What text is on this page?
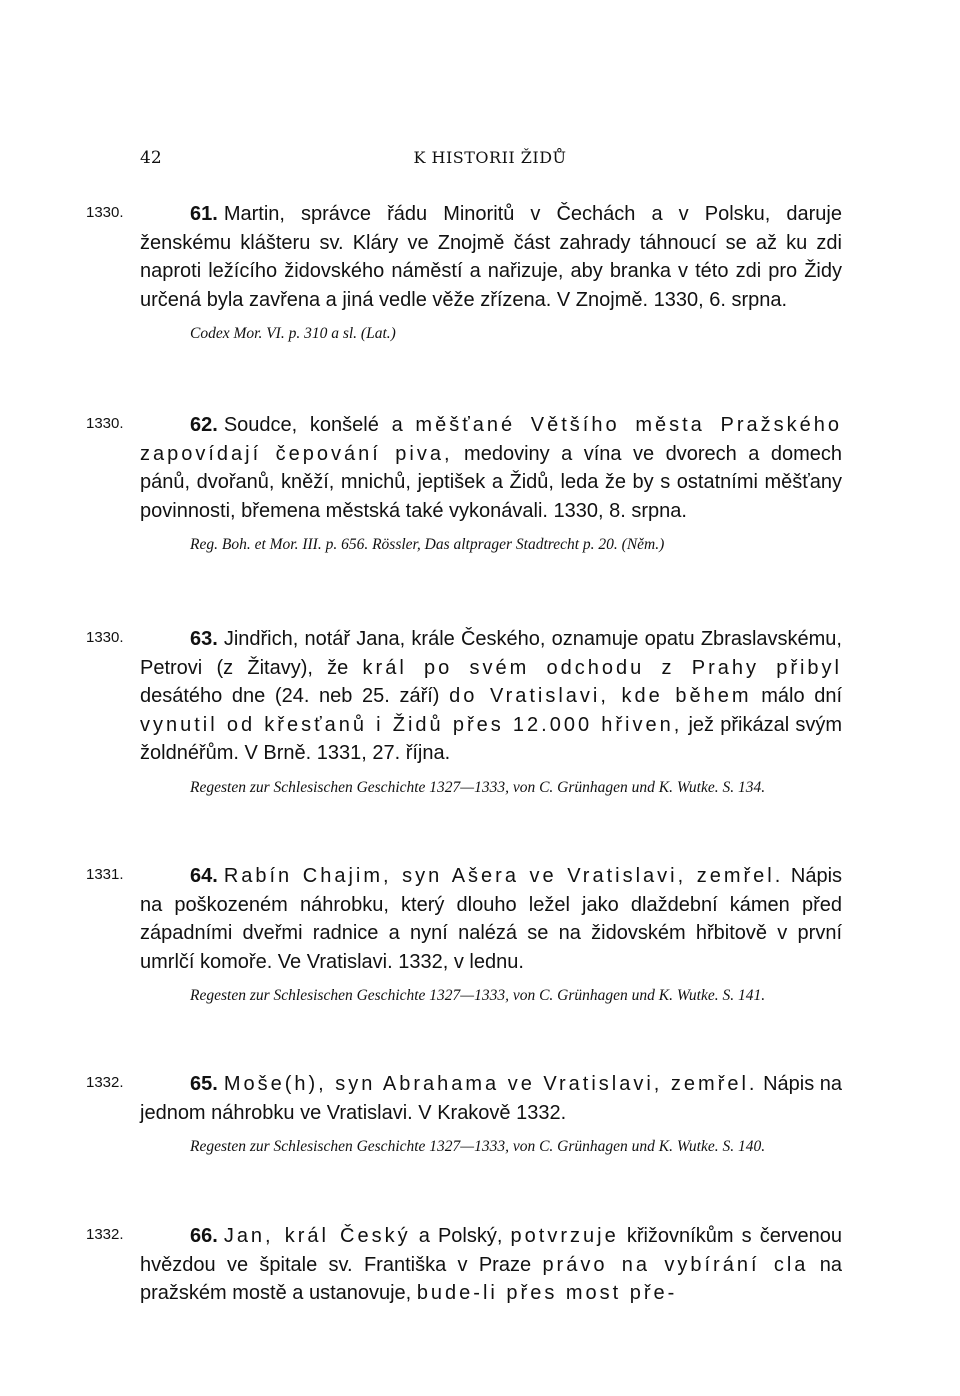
42	K HISTORII ŽIDŮ
1330.	61. Martin, správce řádu Minoritů v Čechách a v Polsku, daruje ženskému klášteru sv. Kláry ve Znojmě část zahrady táhnoucí se až ku zdi naproti ležícího židovského náměstí a nařizuje, aby branka v této zdi pro Židy určená byla zavřena a jiná vedle věže zřízena. V Znojmě. 1330, 6. srpna.

Codex Mor. VI. p. 310 a sl. (Lat.)

1330.	62. Soudce, konšelé a měšťané Většího města Pražského zapovídají čepování piva, medoviny a vína ve dvorech a domech pánů, dvořanů, kněží, mnichů, jeptišek a Židů, leda že by s ostatními měšťany povinnosti, břemena městská také vykonávali. 1330, 8. srpna.

Reg. Boh. et Mor. III. p. 656. Rössler, Das altprager Stadtrecht p. 20. (Něm.)

1330.	63. Jindřich, notář Jana, krále Českého, oznamuje opatu Zbraslavskému, Petrovi (z Žitavy), že král po svém odchodu z Prahy přibyl desátého dne (24. neb 25. září) do Vratislavi, kde během málo dní vynutil od křesťanů i Židů přes 12.000 hřiven, jež přikázal svým žoldnéřům. V Brně. 1331, 27. října.

Regesten zur Schlesischen Geschichte 1327—1333, von C. Grünhagen und K. Wutke. S. 134.

1331.	64. Rabín Chajim, syn Ašera ve Vratislavi, zemřel. Nápis na poškozeném náhrobku, který dlouho ležel jako dlaždební kámen před západními dveřmi radnice a nyní nalézá se na židovském hřbitově v první umrlčí komoře. Ve Vratislavi. 1332, v lednu.

Regesten zur Schlesischen Geschichte 1327—1333, von C. Grünhagen und K. Wutke. S. 141.

1332.	65. Moše(h), syn Abrahama ve Vratislavi, zemřel. Nápis na jednom náhrobku ve Vratislavi. V Krakově 1332.

Regesten zur Schlesischen Geschichte 1327—1333, von C. Grünhagen und K. Wutke. S. 140.

1332.	66. Jan, král Český a Polský, potvrzuje křižovníkům s červenou hvězdou ve špitale sv. Františka v Praze právo na vybírání cla na pražském mostě a ustanovuje, bude-li přes most pře-
